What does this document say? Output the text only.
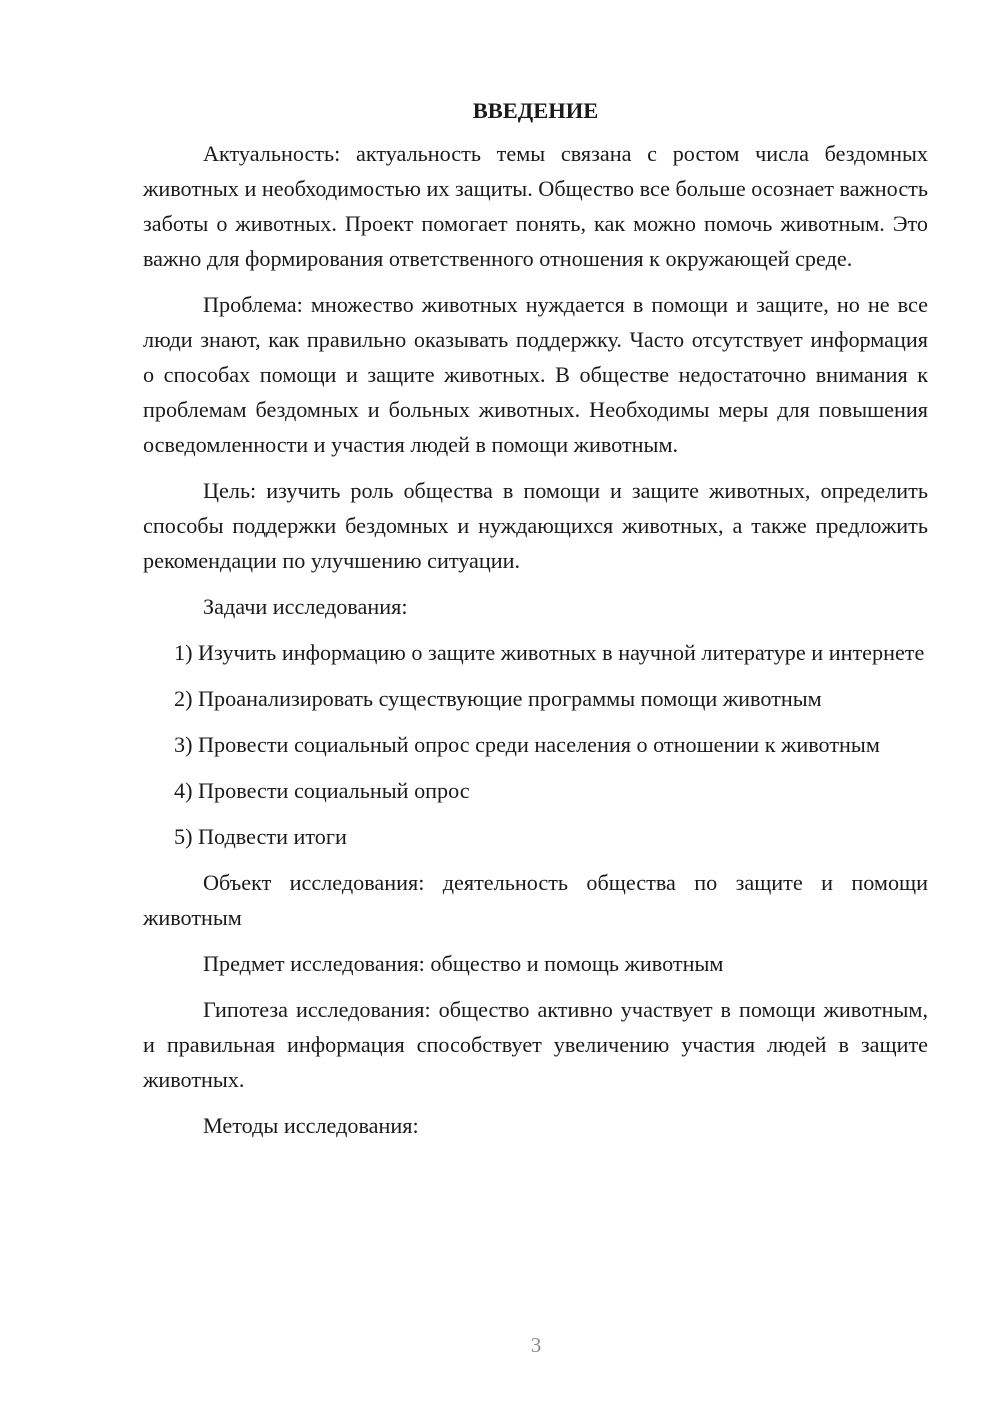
ВВЕДЕНИЕ

Актуальность: актуальность темы связана с ростом числа бездомных животных и необходимостью их защиты. Общество все больше осознает важность заботы о животных. Проект помогает понять, как можно помочь животным. Это важно для формирования ответственного отношения к окружающей среде.

Проблема: множество животных нуждается в помощи и защите, но не все люди знают, как правильно оказывать поддержку. Часто отсутствует информация о способах помощи и защите животных. В обществе недостаточно внимания к проблемам бездомных и больных животных. Необходимы меры для повышения осведомленности и участия людей в помощи животным.

Цель: изучить роль общества в помощи и защите животных, определить способы поддержки бездомных и нуждающихся животных, а также предложить рекомендации по улучшению ситуации.

Задачи исследования:

1) Изучить информацию о защите животных в научной литературе и интернете

2) Проанализировать существующие программы помощи животным

3) Провести социальный опрос среди населения о отношении к животным

4) Провести социальный опрос

5) Подвести итоги

Объект исследования: деятельность общества по защите и помощи животным

Предмет исследования: общество и помощь животным

Гипотеза исследования: общество активно участвует в помощи животным, и правильная информация способствует увеличению участия людей в защите животных.

Методы исследования:

3
